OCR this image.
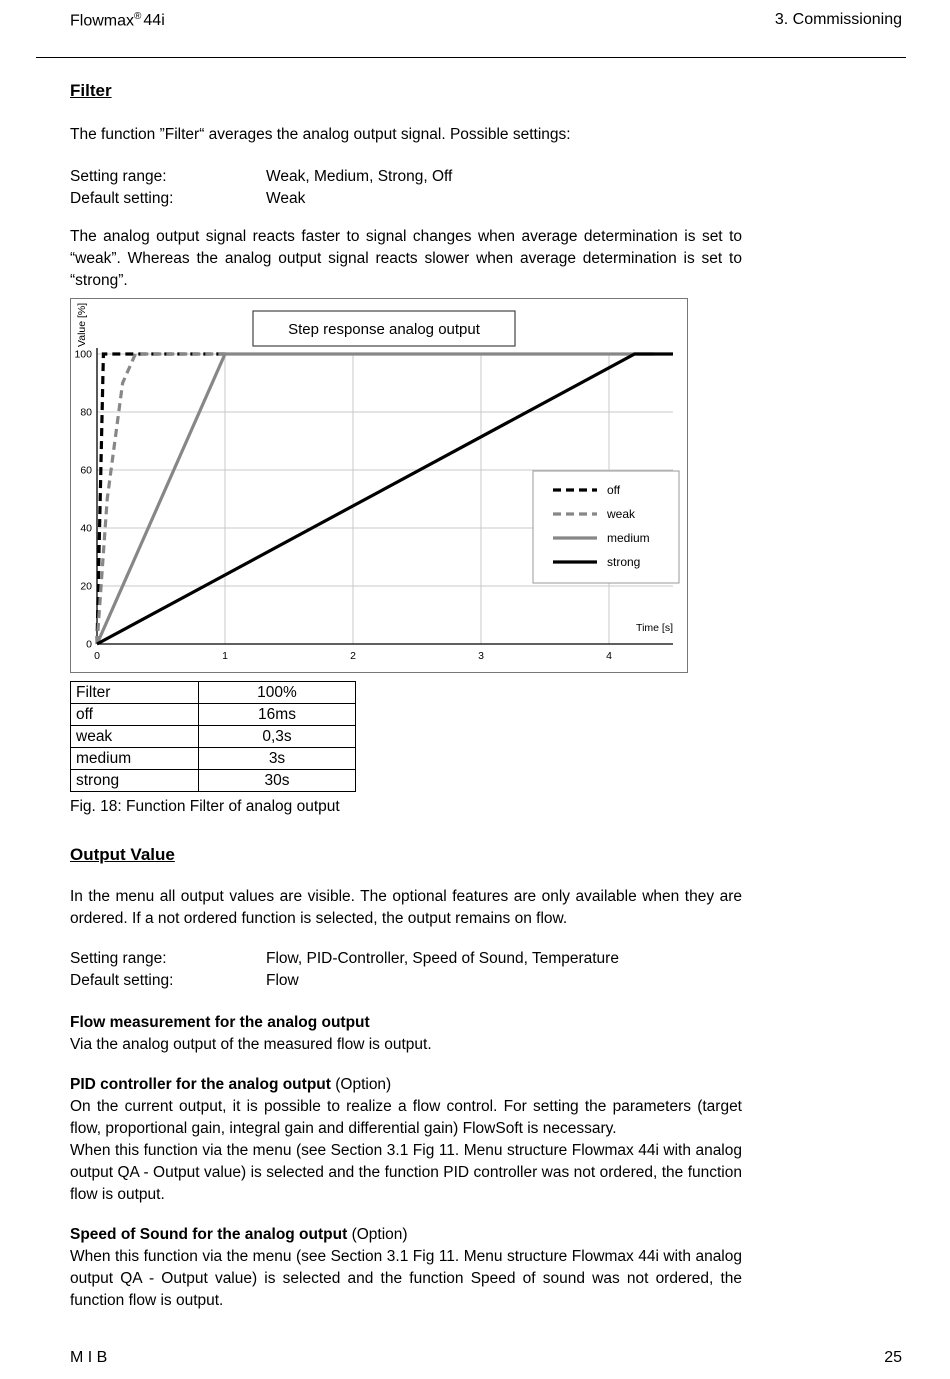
Flowmax® 44i	3. Commissioning
Filter

The function ”Filter“ averages the analog output signal. Possible settings:

Setting range:	Weak, Medium, Strong, Off
Default setting:	Weak

The analog output signal reacts faster to signal changes when average determination is set to “weak”. Whereas the analog output signal reacts slower when average determination is set to “strong”.

0	1	2	3	4
0
20
40
60
80
100
Value [%]
Time [s]
Step response analog output
off
weak
medium
strong
Filter	100%
off	16ms
weak	0,3s
medium	3s
strong	30s
Fig. 18: Function Filter of analog output
Output Value

In the menu all output values are visible. The optional features are only available when they are ordered. If a not ordered function is selected, the output remains on flow.

Setting range:	Flow, PID-Controller, Speed of Sound, Temperature
Default setting:	Flow
Flow measurement for the analog output

Via the analog output of the measured flow is output.

PID controller for the analog output (Option)

On the current output, it is possible to realize a flow control. For setting the parameters (target flow, proportional gain, integral gain and differential gain) FlowSoft is necessary.

When this function via the menu (see Section 3.1 Fig 11. Menu structure Flowmax 44i with analog output QA - Output value) is selected and the function PID controller was not ordered, the function flow is output.

Speed of Sound for the analog output (Option)

When this function via the menu (see Section 3.1 Fig 11. Menu structure Flowmax 44i with analog output QA - Output value) is selected and the function Speed of sound was not ordered, the function flow is output.

M I B	25
